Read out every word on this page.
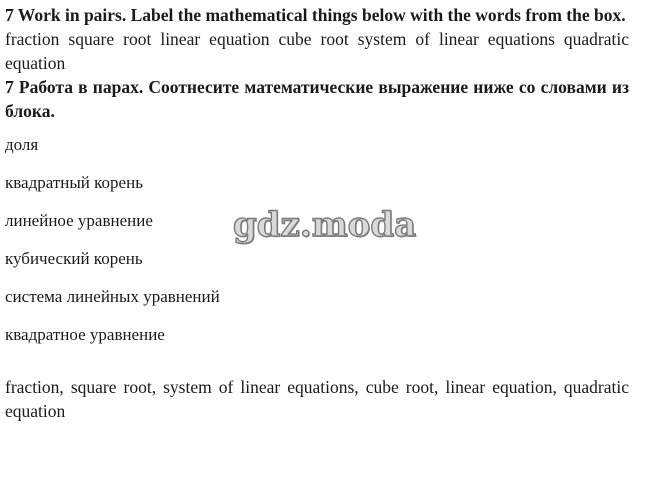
7 Work in pairs. Label the mathematical things below with the words from the box.

fraction square root linear equation cube root system of linear equations quadratic equation

7 Работа в парах. Соотнесите математические выражение ниже со словами из блока.

доля

квадратный корень

линейное уравнение

кубический корень

система линейных уравнений

квадратное уравнение

fraction, square root, system of linear equations, cube root, linear equation, quadratic equation

gdz.moda
